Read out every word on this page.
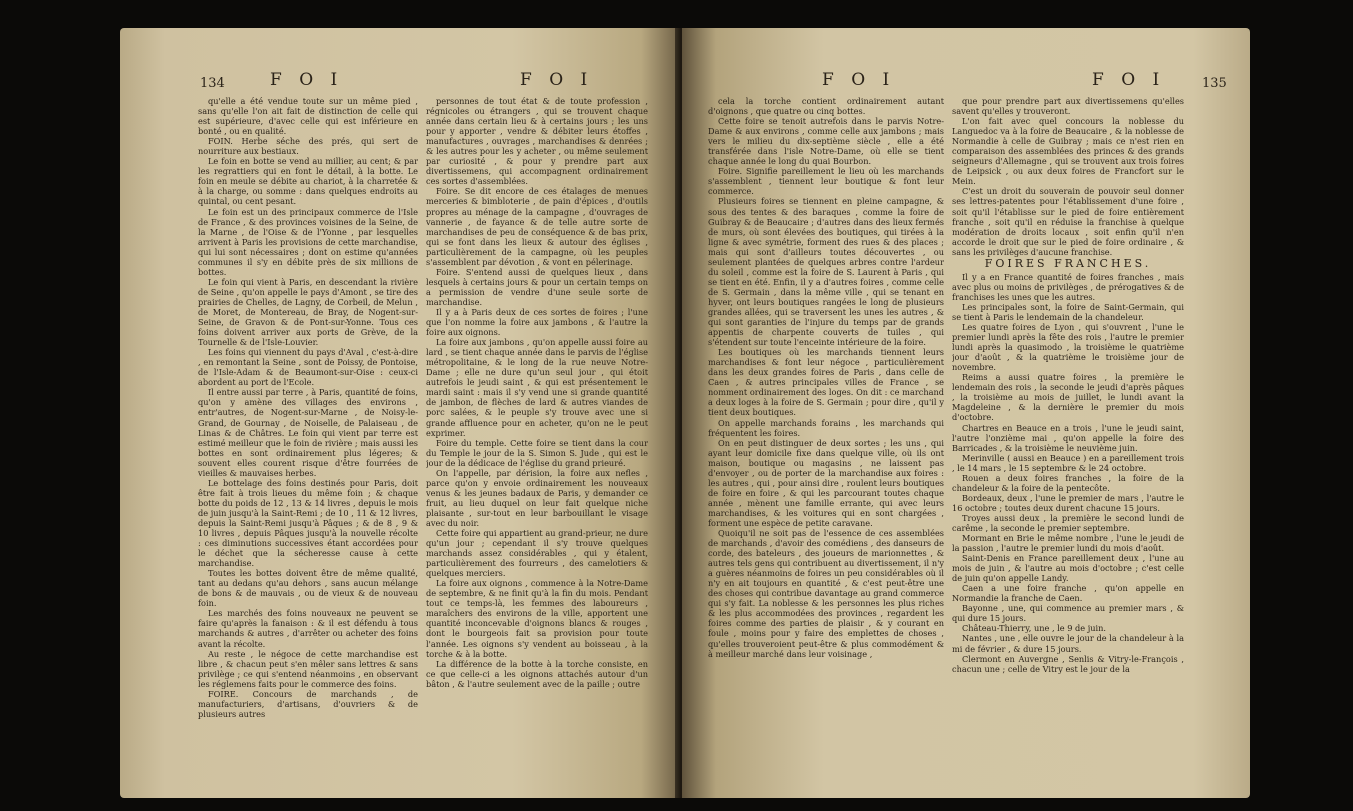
134	F O I	F O I

qu'elle a été vendue toute sur un même pied , sans qu'elle l'on ait fait de distinction de celle qui est supérieure, d'avec celle qui est inférieure en bonté , ou en qualité.

FOIN. Herbe séche des prés, qui sert de nourriture aux bestiaux.

Le foin en botte se vend au millier, au cent; & par les regrattiers qui en font le détail, à la botte. Le foin en meule se débite au chariot, à la charretée & à la charge, ou somme : dans quelques endroits au quintal, ou cent pesant.

Le foin est un des principaux commerce de l'Isle de France , & des provinces voisines de la Seine, de la Marne , de l'Oise & de l'Yonne , par lesquelles arrivent à Paris les provisions de cette marchandise, qui lui sont nécessaires ; dont on estime qu'années communes il s'y en débite près de six millions de bottes.

Le foin qui vient à Paris, en descendant la rivière de Seine , qu'on appelle le pays d'Amont , se tire des prairies de Chelles, de Lagny, de Corbeil, de Melun , de Moret, de Montereau, de Bray, de Nogent-sur-Seine, de Gravon & de Pont-sur-Yonne. Tous ces foins doivent arriver aux ports de Grève, de la Tournelle & de l'Isle-Louvier.

Les foins qui viennent du pays d'Aval , c'est-à-dire , en remontant la Seine , sont de Poissy, de Pontoise, de l'Isle-Adam & de Beaumont-sur-Oise : ceux-ci abordent au port de l'Ecole.

Il entre aussi par terre , à Paris, quantité de foins, qu'on y amène des villages des environs , entr'autres, de Nogent-sur-Marne , de Noisy-le-Grand, de Gournay , de Noiselle, de Palaiseau , de Linas & de Châtres. Le foin qui vient par terre est estimé meilleur que le foin de rivière ; mais aussi les bottes en sont ordinairement plus légeres; & souvent elles courent risque d'être fourrées de vieilles & mauvaises herbes.

Le bottelage des foins destinés pour Paris, doit être fait à trois lieues du même foin ; & chaque botte du poids de 12 , 13 & 14 livres , depuis le mois de juin jusqu'à la Saint-Remi ; de 10 , 11 & 12 livres, depuis la Saint-Remi jusqu'à Pâques ; & de 8 , 9 & 10 livres , depuis Pâques jusqu'à la nouvelle récolte : ces diminutions successives étant accordées pour le déchet que la sécheresse cause à cette marchandise.

Toutes les bottes doivent être de même qualité, tant au dedans qu'au dehors , sans aucun mélange de bons & de mauvais , ou de vieux & de nouveau foin.

Les marchés des foins nouveaux ne peuvent se faire qu'après la fanaison : & il est défendu à tous marchands & autres , d'arrêter ou acheter des foins avant la récolte.

Au reste , le négoce de cette marchandise est libre , & chacun peut s'en mêler sans lettres & sans privilège ; ce qui s'entend néanmoins , en observant les réglemens faits pour le commerce des foins.

FOIRE. Concours de marchands , de manufacturiers, d'artisans, d'ouvriers & de plusieurs autres

personnes de tout état & de toute profession , régnicoles ou étrangers , qui se trouvent chaque année dans certain lieu & à certains jours ; les uns pour y apporter , vendre & débiter leurs étoffes , manufactures , ouvrages , marchandises & denrées ; & les autres pour les y acheter , ou même seulement par curiosité , & pour y prendre part aux divertissemens, qui accompagnent ordinairement ces sortes d'assemblées.

Foire. Se dit encore de ces étalages de menues merceries & bimbloterie , de pain d'épices , d'outils propres au ménage de la campagne , d'ouvrages de vannerie , de fayance & de telle autre sorte de marchandises de peu de conséquence & de bas prix, qui se font dans les lieux & autour des églises , particulièrement de la campagne, où les peuples s'assemblent par dévotion , & vont en pélerinage.

Foire. S'entend aussi de quelques lieux , dans lesquels à certains jours & pour un certain temps on a permission de vendre d'une seule sorte de marchandise.

Il y a à Paris deux de ces sortes de foires ; l'une que l'on nomme la foire aux jambons , & l'autre la foire aux oignons.

La foire aux jambons , qu'on appelle aussi foire au lard , se tient chaque année dans le parvis de l'église métropolitaine, & le long de la rue neuve Notre-Dame ; elle ne dure qu'un seul jour , qui étoit autrefois le jeudi saint , & qui est présentement le mardi saint : mais il s'y vend une si grande quantité de jambon, de flèches de lard & autres viandes de porc salées, & le peuple s'y trouve avec une si grande affluence pour en acheter, qu'on ne le peut exprimer.

Foire du temple. Cette foire se tient dans la cour du Temple le jour de la S. Simon S. Jude , qui est le jour de la dédicace de l'église du grand prieuré.

On l'appelle, par dérision, la foire aux nefles , parce qu'on y envoie ordinairement les nouveaux venus & les jeunes badaux de Paris, y demander ce fruit, au lieu duquel on leur fait quelque niche plaisante , sur-tout en leur barbouillant le visage avec du noir.

Cette foire qui appartient au grand-prieur, ne dure qu'un jour ; cependant il s'y trouve quelques marchands assez considérables , qui y étalent, particulièrement des fourreurs , des camelotiers & quelques merciers.

La foire aux oignons , commence à la Notre-Dame de septembre, & ne finit qu'à la fin du mois. Pendant tout ce temps-là, les femmes des laboureurs , maraîchers des environs de la ville, apportent une quantité inconcevable d'oignons blancs & rouges , dont le bourgeois fait sa provision pour toute l'année. Les oignons s'y vendent au boisseau , à la torche & à la botte.

La différence de la botte à la torche consiste, en ce que celle-ci a les oignons attachés autour d'un bâton , & l'autre seulement avec de la paille ; outre

F O I	F O I	135

cela la torche contient ordinairement autant d'oignons , que quatre ou cinq bottes.

Cette foire se tenoit autrefois dans le parvis Notre-Dame & aux environs , comme celle aux jambons ; mais vers le milieu du dix-septième siècle , elle a été transférée dans l'isle Notre-Dame, où elle se tient chaque année le long du quai Bourbon.

Foire. Signifie pareillement le lieu où les marchands s'assemblent , tiennent leur boutique & font leur commerce.

Plusieurs foires se tiennent en pleine campagne, & sous des tentes & des baraques , comme la foire de Guibray & de Beaucaire ; d'autres dans des lieux fermés de murs, où sont élevées des boutiques, qui tirées à la ligne & avec symétrie, forment des rues & des places ; mais qui sont d'ailleurs toutes découvertes , ou seulement plantées de quelques arbres contre l'ardeur du soleil , comme est la foire de S. Laurent à Paris , qui se tient en été. Enfin, il y a d'autres foires , comme celle de S. Germain , dans la même ville , qui se tenant en hyver, ont leurs boutiques rangées le long de plusieurs grandes allées, qui se traversent les unes les autres , & qui sont garanties de l'injure du temps par de grands appentis de charpente couverts de tuiles , qui s'étendent sur toute l'enceinte intérieure de la foire.

Les boutiques où les marchands tiennent leurs marchandises & font leur négoce , particulièrement dans les deux grandes foires de Paris , dans celle de Caen , & autres principales villes de France , se nomment ordinairement des loges. On dit : ce marchand a deux loges à la foire de S. Germain ; pour dire , qu'il y tient deux boutiques.

On appelle marchands forains , les marchands qui fréquentent les foires.

On en peut distinguer de deux sortes ; les uns , qui ayant leur domicile fixe dans quelque ville, où ils ont maison, boutique ou magasins , ne laissent pas d'envoyer , ou de porter de la marchandise aux foires : les autres , qui , pour ainsi dire , roulent leurs boutiques de foire en foire , & qui les parcourant toutes chaque année , mènent une famille errante, qui avec leurs marchandises, & les voitures qui en sont chargées , forment une espèce de petite caravane.

Quoiqu'il ne soit pas de l'essence de ces assemblées de marchands , d'avoir des comédiens , des danseurs de corde, des bateleurs , des joueurs de marionnettes , & autres tels gens qui contribuent au divertissement, il n'y a guères néanmoins de foires un peu considérables où il n'y en ait toujours en quantité , & c'est peut-être une des choses qui contribue davantage au grand commerce qui s'y fait. La noblesse & les personnes les plus riches & les plus accommodées des provinces , regardent les foires comme des parties de plaisir , & y courant en foule , moins pour y faire des emplettes de choses , qu'elles trouveroient peut-être & plus commodément & à meilleur marché dans leur voisinage ,

que pour prendre part aux divertissemens qu'elles savent qu'elles y trouveront.

L'on fait avec quel concours la noblesse du Languedoc va à la foire de Beaucaire , & la noblesse de Normandie à celle de Guibray ; mais ce n'est rien en comparaison des assemblées des princes & des grands seigneurs d'Allemagne , qui se trouvent aux trois foires de Leipsick , ou aux deux foires de Francfort sur le Mein.

C'est un droit du souverain de pouvoir seul donner ses lettres-patentes pour l'établissement d'une foire , soit qu'il l'établisse sur le pied de foire entièrement franche , soit qu'il en réduise la franchise à quelque modération de droits locaux , soit enfin qu'il n'en accorde le droit que sur le pied de foire ordinaire , & sans les privilèges d'aucune franchise.

FOIRES FRANCHES.

Il y a en France quantité de foires franches , mais avec plus ou moins de privilèges , de prérogatives & de franchises les unes que les autres.

Les principales sont, la foire de Saint-Germain, qui se tient à Paris le lendemain de la chandeleur.

Les quatre foires de Lyon , qui s'ouvrent , l'une le premier lundi après la fête des rois , l'autre le premier lundi après la quasimodo , la troisième le quatrième jour d'août , & la quatrième le troisième jour de novembre.

Reims a aussi quatre foires , la première le lendemain des rois , la seconde le jeudi d'après pâques , la troisième au mois de juillet, le lundi avant la Magdeleine , & la dernière le premier du mois d'octobre.

Chartres en Beauce en a trois , l'une le jeudi saint, l'autre l'onzième mai , qu'on appelle la foire des Barricades , & la troisième le neuvième juin.

Merinville ( aussi en Beauce ) en a pareillement trois , le 14 mars , le 15 septembre & le 24 octobre.

Rouen a deux foires franches , la foire de la chandeleur & la foire de la pentecôte.

Bordeaux, deux , l'une le premier de mars , l'autre le 16 octobre ; toutes deux durent chacune 15 jours.

Troyes aussi deux , la première le second lundi de carême , la seconde le premier septembre.

Mormant en Brie le même nombre , l'une le jeudi de la passion , l'autre le premier lundi du mois d'août.

Saint-Denis en France pareillement deux , l'une au mois de juin , & l'autre au mois d'octobre ; c'est celle de juin qu'on appelle Landy.

Caen a une foire franche , qu'on appelle en Normandie la franche de Caen.

Bayonne , une, qui commence au premier mars , & qui dure 15 jours.

Château-Thierry, une , le 9 de juin.

Nantes , une , elle ouvre le jour de la chandeleur à la mi de février , & dure 15 jours.

Clermont en Auvergne , Senlis & Vitry-le-François , chacun une ; celle de Vitry est le jour de la
